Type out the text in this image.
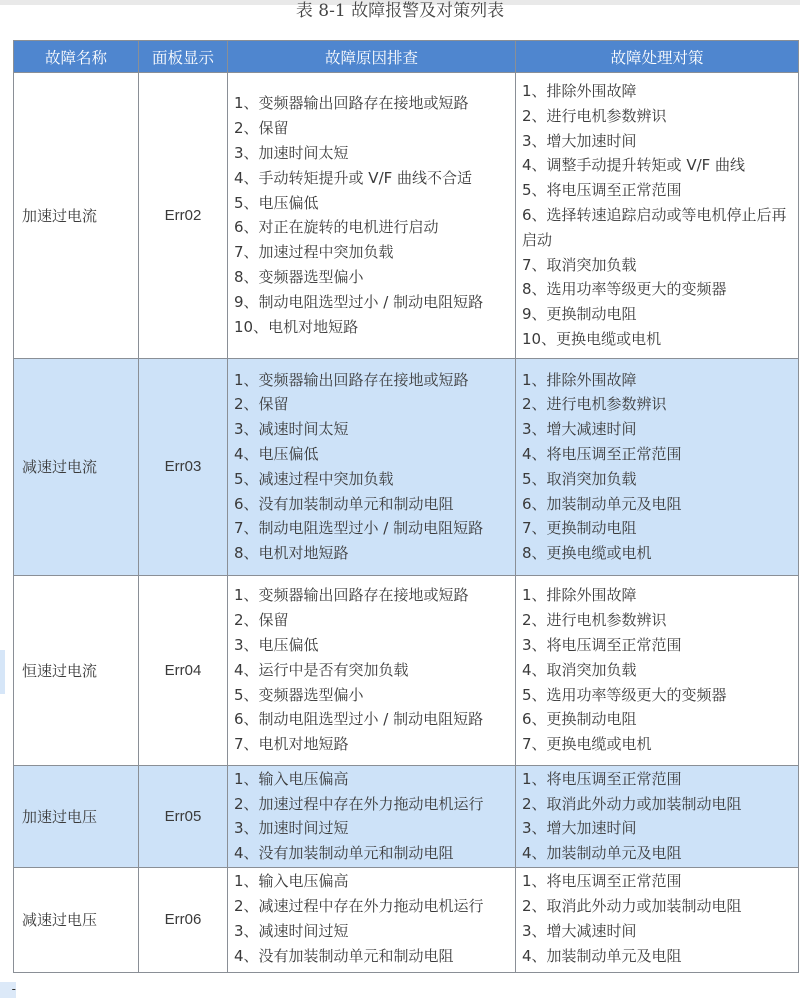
表 8-1 故障报警及对策列表
故障名称	面板显示	故障原因排查	故障处理对策
加速过电流	Err02	
1、变频器输出回路存在接地或短路
2、保留
3、加速时间太短
4、手动转矩提升或 V/F 曲线不合适
5、电压偏低
6、对正在旋转的电机进行启动
7、加速过程中突加负载
8、变频器选型偏小
9、制动电阻选型过小 / 制动电阻短路
10、电机对地短路

1、排除外围故障
2、进行电机参数辨识
3、增大加速时间
4、调整手动提升转矩或 V/F 曲线
5、将电压调至正常范围
6、选择转速追踪启动或等电机停止后再启动
7、取消突加负载
8、选用功率等级更大的变频器
9、更换制动电阻
10、更换电缆或电机

减速过电流	Err03	
1、变频器输出回路存在接地或短路
2、保留
3、减速时间太短
4、电压偏低
5、减速过程中突加负载
6、没有加装制动单元和制动电阻
7、制动电阻选型过小 / 制动电阻短路
8、电机对地短路

1、排除外围故障
2、进行电机参数辨识
3、增大减速时间
4、将电压调至正常范围
5、取消突加负载
6、加装制动单元及电阻
7、更换制动电阻
8、更换电缆或电机

恒速过电流	Err04	
1、变频器输出回路存在接地或短路
2、保留
3、电压偏低
4、运行中是否有突加负载
5、变频器选型偏小
6、制动电阻选型过小 / 制动电阻短路
7、电机对地短路

1、排除外围故障
2、进行电机参数辨识
3、将电压调至正常范围
4、取消突加负载
5、选用功率等级更大的变频器
6、更换制动电阻
7、更换电缆或电机

加速过电压	Err05	
1、输入电压偏高
2、加速过程中存在外力拖动电机运行
3、加速时间过短
4、没有加装制动单元和制动电阻

1、将电压调至正常范围
2、取消此外动力或加装制动电阻
3、增大加速时间
4、加装制动单元及电阻

减速过电压	Err06	
1、输入电压偏高
2、减速过程中存在外力拖动电机运行
3、减速时间过短
4、没有加装制动单元和制动电阻

1、将电压调至正常范围
2、取消此外动力或加装制动电阻
3、增大减速时间
4、加装制动单元及电阻
-
